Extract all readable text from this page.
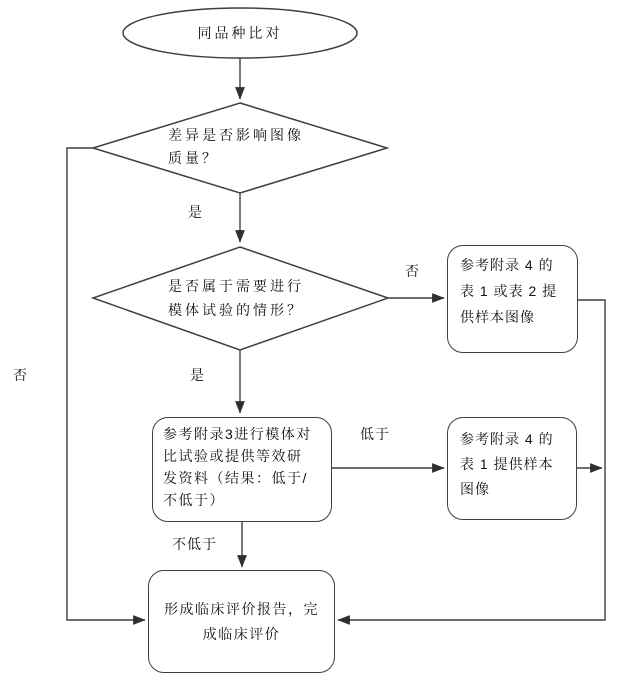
同品种比对
差异是否影响图像
质量？
是否属于需要进行
模体试验的情形？
参考附录 4 的
表 1 或表 2 提
供样本图像
参考附录3进行模体对
比试验或提供等效研
发资料（结果：低于/
不低于）
参考附录 4 的
表 1 提供样本
图像
形成临床评价报告，完
成临床评价
是
是
否
否
低于
不低于
